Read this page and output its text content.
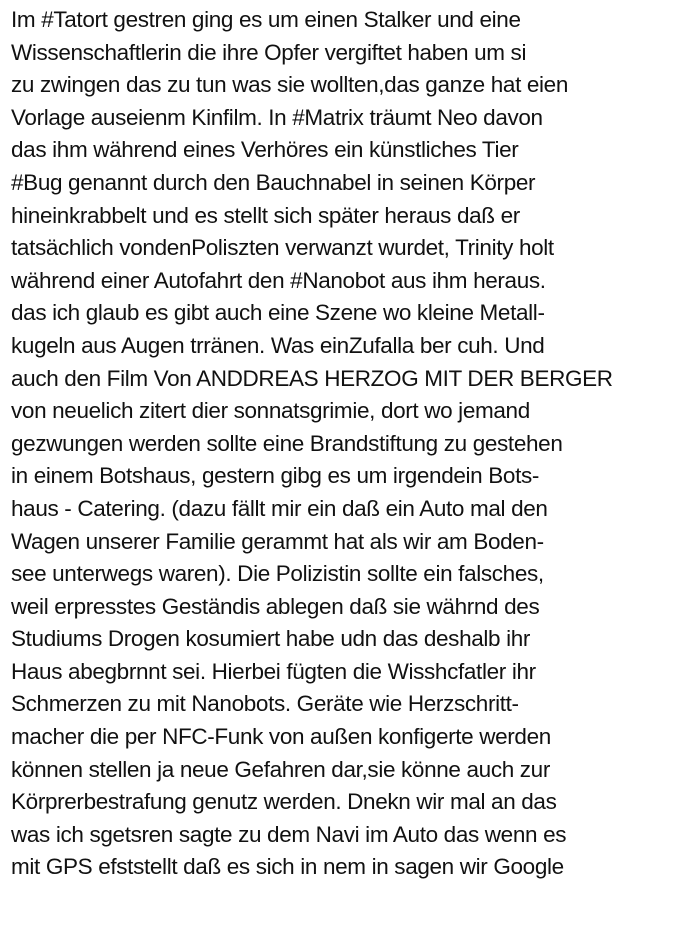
Im #Tatort gestren ging es um einen Stalker und eine
Wissenschaftlerin die ihre Opfer vergiftet haben um si
zu zwingen das zu tun was sie wollten,das ganze hat eien
Vorlage auseienm Kinfilm. In #Matrix träumt Neo davon
das ihm während eines Verhöres ein künstliches Tier
#Bug genannt durch den Bauchnabel in seinen Körper
hineinkrabbelt und es stellt sich später heraus daß er
tatsächlich vondenPoliszten verwanzt wurdet, Trinity holt
während einer Autofahrt den #Nanobot aus ihm heraus.
das ich glaub es gibt auch eine Szene wo kleine Metall-
kugeln aus Augen trränen. Was einZufalla ber cuh. Und
auch den Film Von ANDDREAS HERZOG MIT DER BERGER
von neuelich zitert dier sonnatsgrimie, dort wo jemand
gezwungen werden sollte eine Brandstiftung zu gestehen
in einem Botshaus, gestern gibg es um irgendein Bots-
haus - Catering. (dazu fällt mir ein daß ein Auto mal den
Wagen unserer Familie gerammt hat als wir am Boden-
see unterwegs waren). Die Polizistin sollte ein falsches,
weil erpresstes Geständis ablegen daß sie währnd des
Studiums Drogen kosumiert habe udn das deshalb ihr
Haus abegbrnnt sei. Hierbei fügten die Wisshcfatler ihr
Schmerzen zu mit Nanobots. Geräte wie Herzschritt-
macher die per NFC-Funk von außen konfigerte werden
können stellen ja neue Gefahren dar,sie könne auch zur
Körprerbestrafung genutz werden. Dnekn wir mal an das
was ich sgetsren sagte zu dem Navi im Auto das wenn es
mit GPS efststellt daß es sich in nem in sagen wir Google
